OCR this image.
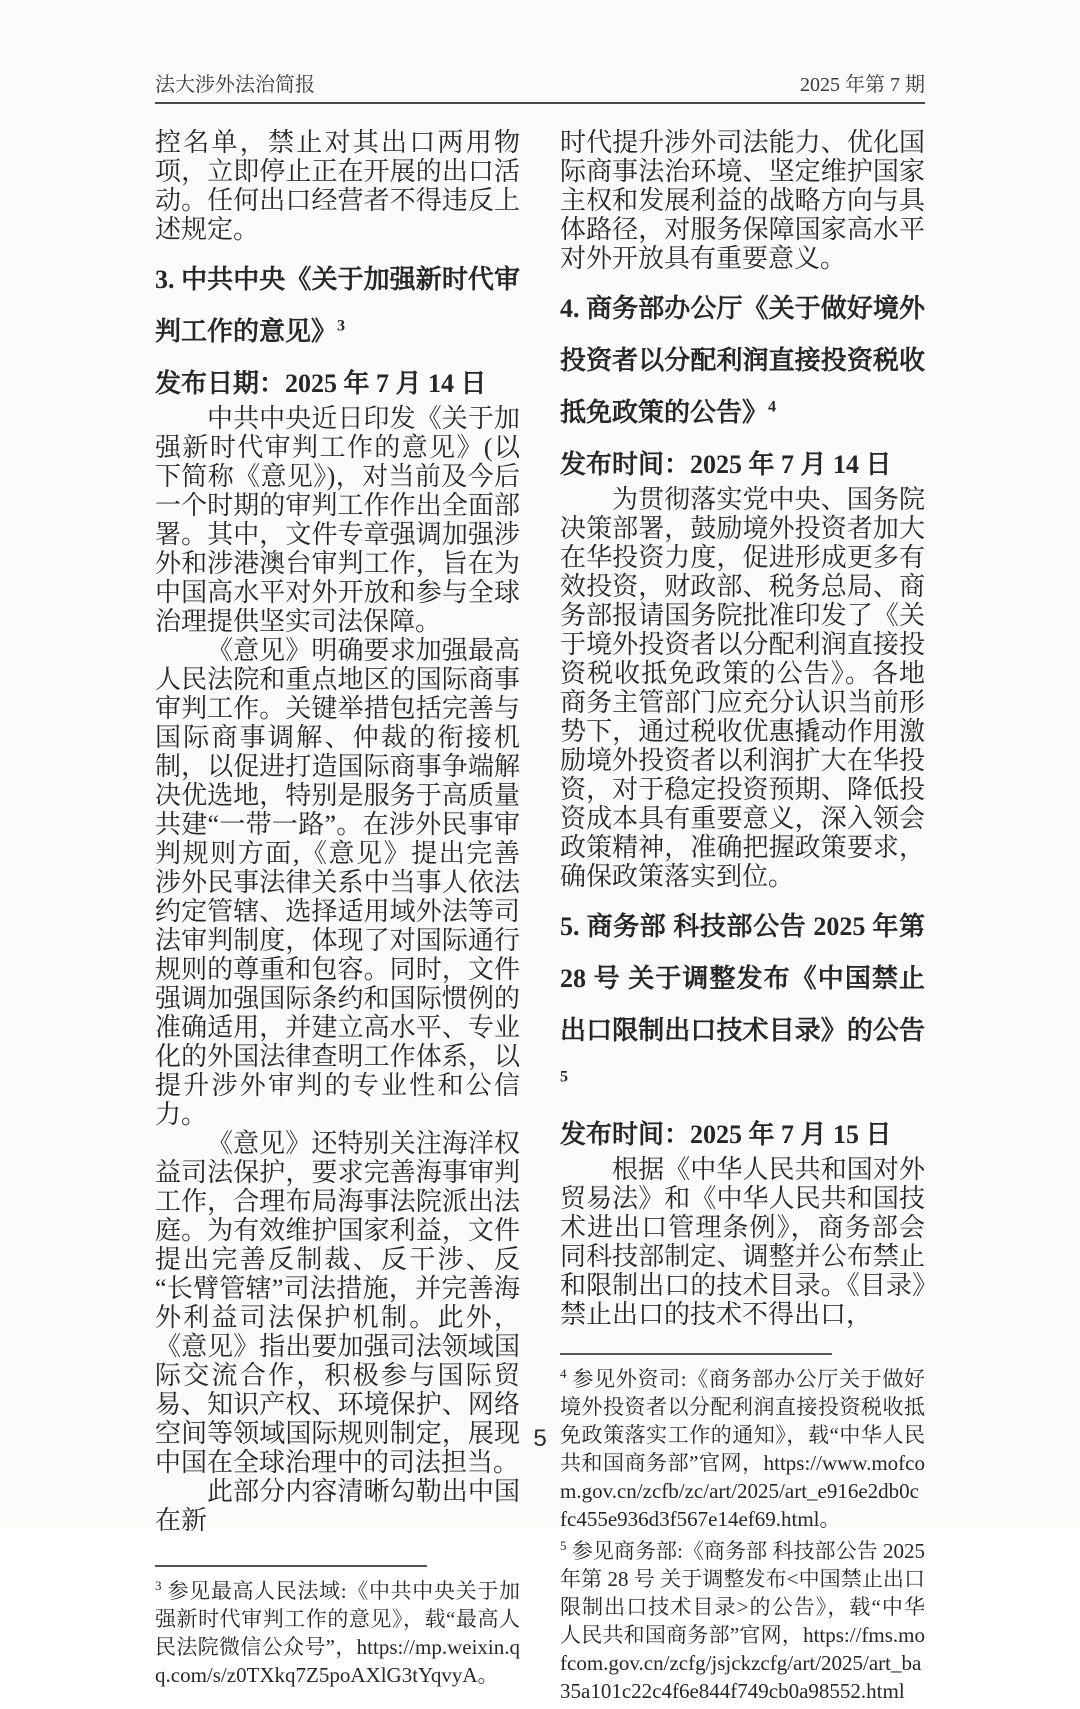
法大涉外法治简报	2025 年第 7 期

控名单，禁止对其出口两用物项，立即停止正在开展的出口活动。任何出口经营者不得违反上述规定。

3. 中共中央《关于加强新时代审判工作的意见》$^3$

发布日期：2025 年 7 月 14 日

中共中央近日印发《关于加强新时代审判工作的意见》(以下简称《意见》)，对当前及今后一个时期的审判工作作出全面部署。其中，文件专章强调加强涉外和涉港澳台审判工作，旨在为中国高水平对外开放和参与全球治理提供坚实司法保障。

《意见》明确要求加强最高人民法院和重点地区的国际商事审判工作。关键举措包括完善与国际商事调解、仲裁的衔接机制，以促进打造国际商事争端解决优选地，特别是服务于高质量共建“一带一路”。在涉外民事审判规则方面,《意见》提出完善涉外民事法律关系中当事人依法约定管辖、选择适用域外法等司法审判制度，体现了对国际通行规则的尊重和包容。同时，文件强调加强国际条约和国际惯例的准确适用，并建立高水平、专业化的外国法律查明工作体系，以提升涉外审判的专业性和公信力。

《意见》还特别关注海洋权益司法保护，要求完善海事审判工作，合理布局海事法院派出法庭。为有效维护国家利益，文件提出完善反制裁、反干涉、反“长臂管辖”司法措施，并完善海外利益司法保护机制。此外，《意见》指出要加强司法领域国际交流合作，积极参与国际贸易、知识产权、环境保护、网络空间等领域国际规则制定，展现中国在全球治理中的司法担当。

此部分内容清晰勾勒出中国在新

$^3$ 参见最高人民法域:《中共中央关于加强新时代审判工作的意见》，载“最高人民法院微信公众号”，https://mp.weixin.qq.com/s/z0TXkq7Z5poAXlG3tYqvyA。

时代提升涉外司法能力、优化国际商事法治环境、坚定维护国家主权和发展利益的战略方向与具体路径，对服务保障国家高水平对外开放具有重要意义。

4. 商务部办公厅《关于做好境外投资者以分配利润直接投资税收抵免政策的公告》$^4$

发布时间：2025 年 7 月 14 日

为贯彻落实党中央、国务院决策部署，鼓励境外投资者加大在华投资力度，促进形成更多有效投资，财政部、税务总局、商务部报请国务院批准印发了《关于境外投资者以分配利润直接投资税收抵免政策的公告》。各地商务主管部门应充分认识当前形势下，通过税收优惠撬动作用激励境外投资者以利润扩大在华投资，对于稳定投资预期、降低投资成本具有重要意义，深入领会政策精神，准确把握政策要求，确保政策落实到位。

5. 商务部 科技部公告 2025 年第 28 号 关于调整发布《中国禁止出口限制出口技术目录》的公告$^5$

发布时间：2025 年 7 月 15 日

根据《中华人民共和国对外贸易法》和《中华人民共和国技术进出口管理条例》，商务部会同科技部制定、调整并公布禁止和限制出口的技术目录。《目录》禁止出口的技术不得出口，

$^4$ 参见外资司:《商务部办公厅关于做好境外投资者以分配利润直接投资税收抵免政策落实工作的通知》，载“中华人民共和国商务部”官网，https://www.mofcom.gov.cn/zcfb/zc/art/2025/art_e916e2db0cfc455e936d3f567e14ef69.html。

$^5$ 参见商务部:《商务部 科技部公告 2025 年第 28 号 关于调整发布<中国禁止出口限制出口技术目录>的公告》，载“中华人民共和国商务部”官网，https://fms.mofcom.gov.cn/zcfg/jsjckzcfg/art/2025/art_ba35a101c22c4f6e844f749cb0a98552.html

5
